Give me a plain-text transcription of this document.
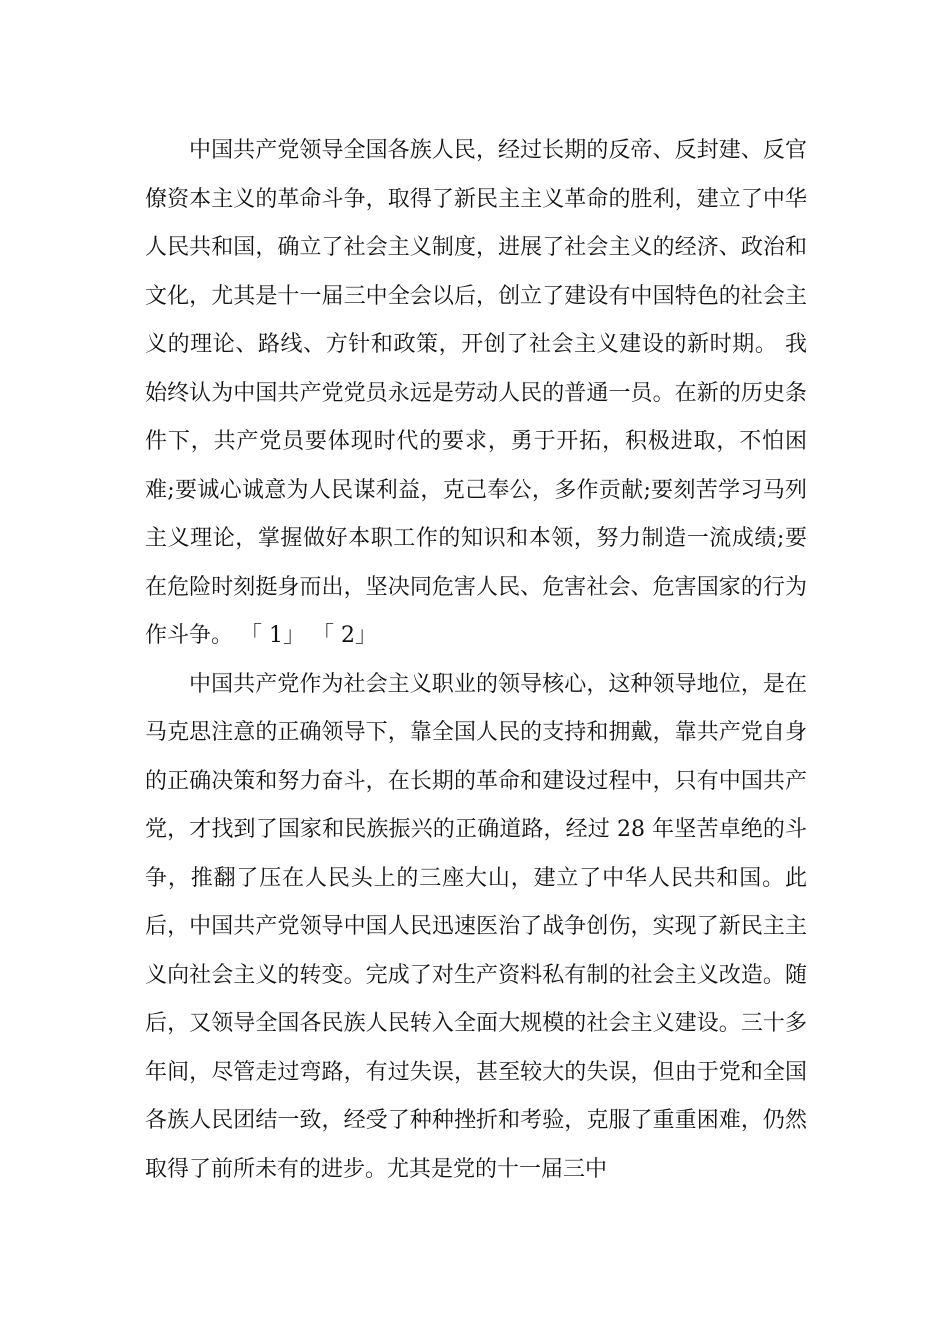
中国共产党领导全国各族人民，经过长期的反帝、反封建、反官僚资本主义的革命斗争，取得了新民主主义革命的胜利，建立了中华人民共和国，确立了社会主义制度，进展了社会主义的经济、政治和文化，尤其是十一届三中全会以后，创立了建设有中国特色的社会主义的理论、路线、方针和政策，开创了社会主义建设的新时期。 我始终认为中国共产党党员永远是劳动人民的普通一员。在新的历史条件下，共产党员要体现时代的要求，勇于开拓，积极进取，不怕困难;要诚心诚意为人民谋利益，克己奉公，多作贡献;要刻苦学习马列主义理论，掌握做好本职工作的知识和本领，努力制造一流成绩;要在危险时刻挺身而出，坚决同危害人民、危害社会、危害国家的行为作斗争。 「 1」 「 2」

中国共产党作为社会主义职业的领导核心，这种领导地位，是在马克思注意的正确领导下，靠全国人民的支持和拥戴，靠共产党自身的正确决策和努力奋斗，在长期的革命和建设过程中，只有中国共产党，才找到了国家和民族振兴的正确道路，经过 28 年坚苦卓绝的斗争，推翻了压在人民头上的三座大山，建立了中华人民共和国。此后，中国共产党领导中国人民迅速医治了战争创伤，实现了新民主主义向社会主义的转变。完成了对生产资料私有制的社会主义改造。随后，又领导全国各民族人民转入全面大规模的社会主义建设。三十多年间，尽管走过弯路，有过失误，甚至较大的失误，但由于党和全国各族人民团结一致，经受了种种挫折和考验，克服了重重困难，仍然取得了前所未有的进步。尤其是党的十一届三中
